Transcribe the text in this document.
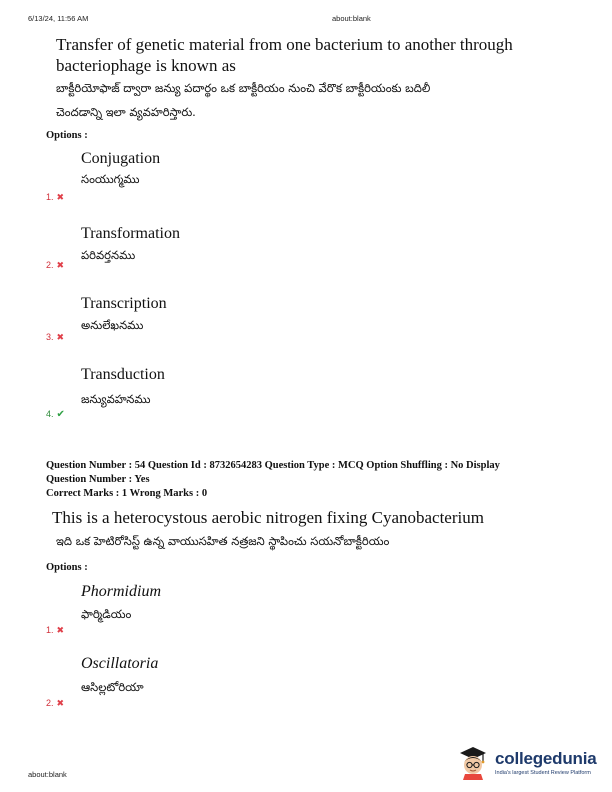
6/13/24, 11:56 AM	about:blank
Transfer of genetic material from one bacterium to another through
bacteriophage is known as
బాక్టీరియోఫాజ్ ద్వారా జన్యు పదార్థం ఒక బాక్టీరియం నుంచి వేరొక బాక్టీరియంకు బదిలీ
చెందడాన్ని ఇలా వ్యవహరిస్తారు.
Options :
Conjugation
సంయుగ్మము
1. ✖
Transformation
పరివర్తనము
2. ✖
Transcription
అనులేఖనము
3. ✖
Transduction
జన్యువహనము
4. ✔
Question Number : 54 Question Id : 8732654283 Question Type : MCQ Option Shuffling : No Display
Question Number : Yes
Correct Marks : 1 Wrong Marks : 0
This is a heterocystous aerobic nitrogen fixing Cyanobacterium
ఇది ఒక హెటిరోసిస్ట్ ఉన్న వాయుసహిత నత్రజని స్థాపించు సయనోబాక్టీరియం
Options :
Phormidium
ఫార్మిడియం
1. ✖
Oscillatoria
ఆసిల్లటోరియా
2. ✖
about:blank
collegedunia
India's largest Student Review Platform
